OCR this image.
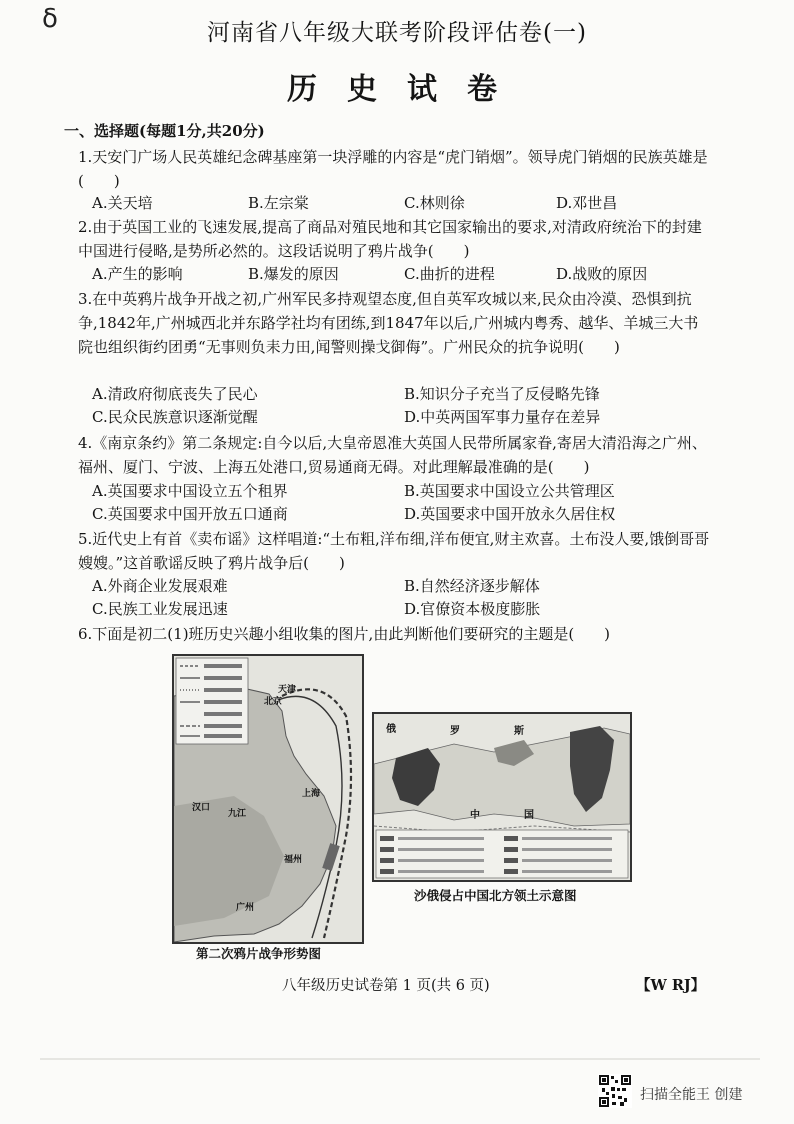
δ	河南省八年级大联考阶段评估卷(一)
历史试卷
一、选择题(每题1分,共20分)
1.天安门广场人民英雄纪念碑基座第一块浮雕的内容是“虎门销烟”。领导虎门销烟的民族英雄是(　　)
A.关天培	B.左宗棠	C.林则徐	D.邓世昌
2.由于英国工业的飞速发展,提高了商品对殖民地和其它国家输出的要求,对清政府统治下的封建中国进行侵略,是势所必然的。这段话说明了鸦片战争(　　)
A.产生的影响	B.爆发的原因	C.曲折的进程	D.战败的原因
3.在中英鸦片战争开战之初,广州军民多持观望态度,但自英军攻城以来,民众由冷漠、恐惧到抗争,1842年,广州城西北并东路学社均有团练,到1847年以后,广州城内粤秀、越华、羊城三大书院也组织街约团勇“无事则负耒力田,闻警则操戈御侮”。广州民众的抗争说明(　　)
A.清政府彻底丧失了民心	B.知识分子充当了反侵略先锋
C.民众民族意识逐渐觉醒	D.中英两国军事力量存在差异
4.《南京条约》第二条规定:自今以后,大皇帝恩准大英国人民带所属家眷,寄居大清沿海之广州、福州、厦门、宁波、上海五处港口,贸易通商无碍。对此理解最准确的是(　　)
A.英国要求中国设立五个租界	B.英国要求中国设立公共管理区
C.英国要求中国开放五口通商	D.英国要求中国开放永久居住权
5.近代史上有首《卖布谣》这样唱道:“土布粗,洋布细,洋布便宜,财主欢喜。土布没人要,饿倒哥哥嫂嫂。”这首歌谣反映了鸦片战争后(　　)
A.外商企业发展艰难	B.自然经济逐步解体
C.民族工业发展迅速	D.官僚资本极度膨胀
6.下面是初二(1)班历史兴趣小组收集的图片,由此判断他们要研究的主题是(　　)
天津
北京
上海
福州
广州
九江
汉口
第二次鸦片战争形势图
俄	罗	斯
中	国
沙俄侵占中国北方领土示意图
八年级历史试卷第 1 页(共 6 页)	【W RJ】
扫描全能王 创建
